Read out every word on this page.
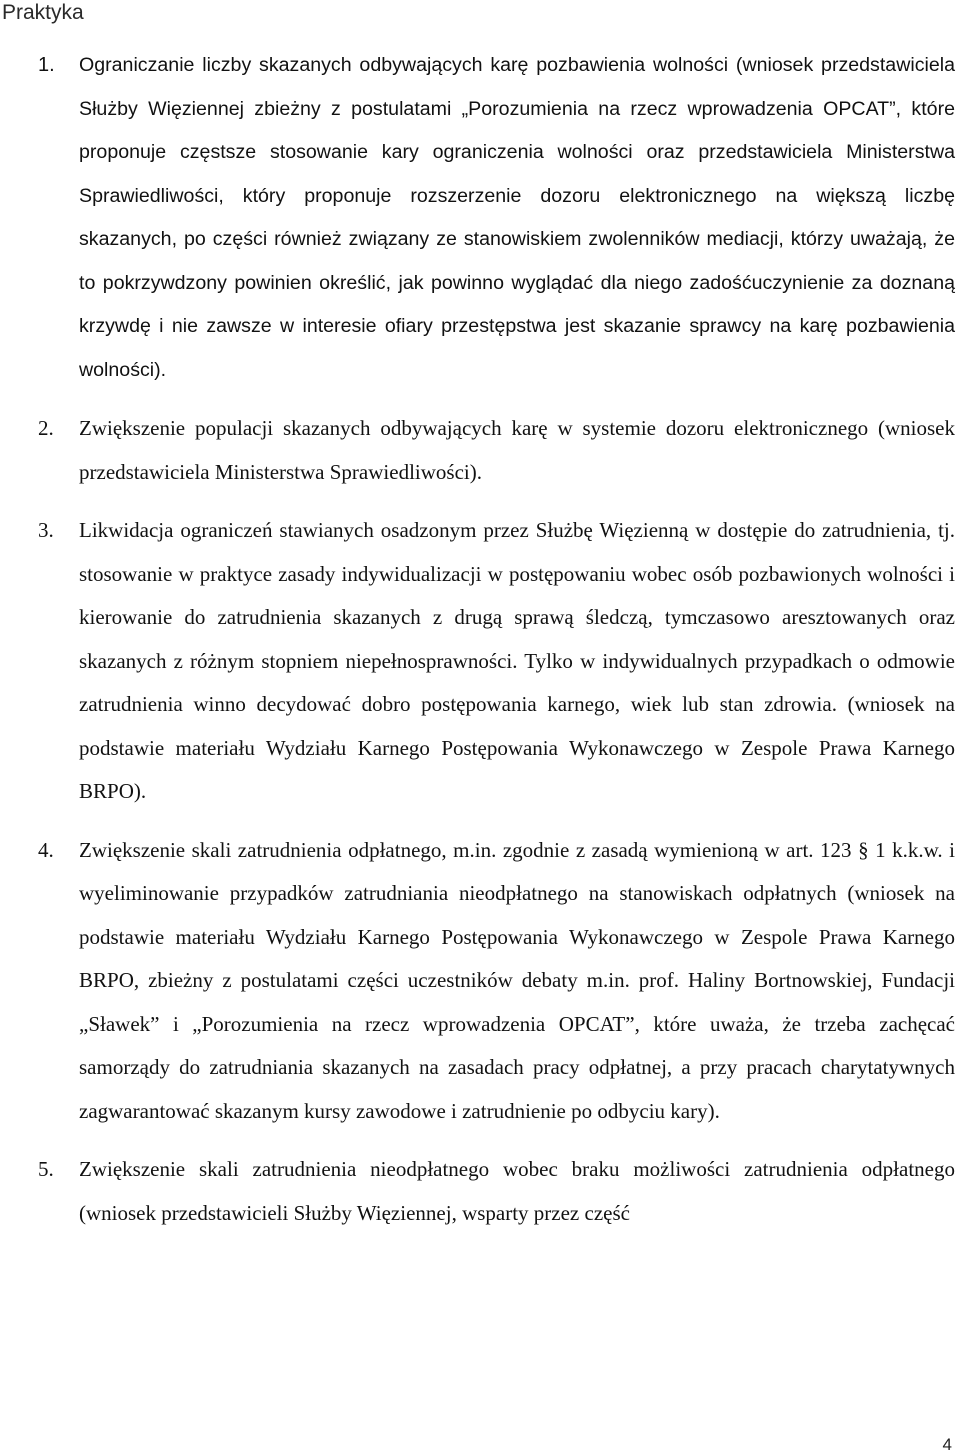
Praktyka
1. Ograniczanie liczby skazanych odbywających karę pozbawienia wolności (wniosek przedstawiciela Służby Więziennej zbieżny z postulatami „Porozumienia na rzecz wprowadzenia OPCAT”, które proponuje częstsze stosowanie kary ograniczenia wolności oraz przedstawiciela Ministerstwa Sprawiedliwości, który proponuje rozszerzenie dozoru elektronicznego na większą liczbę skazanych, po części również związany ze stanowiskiem zwolenników mediacji, którzy uważają, że to pokrzywdzony powinien określić, jak powinno wyglądać dla niego zadośćuczynienie za doznaną krzywdę i nie zawsze w interesie ofiary przestępstwa jest skazanie sprawcy na karę pozbawienia wolności).

2. Zwiększenie populacji skazanych odbywających karę w systemie dozoru elektronicznego (wniosek przedstawiciela Ministerstwa Sprawiedliwości).

3. Likwidacja ograniczeń stawianych osadzonym przez Służbę Więzienną w dostępie do zatrudnienia, tj. stosowanie w praktyce zasady indywidualizacji w postępowaniu wobec osób pozbawionych wolności i kierowanie do zatrudnienia skazanych z drugą sprawą śledczą, tymczasowo aresztowanych oraz skazanych z różnym stopniem niepełnosprawności. Tylko w indywidualnych przypadkach o odmowie zatrudnienia winno decydować dobro postępowania karnego, wiek lub stan zdrowia. (wniosek na podstawie materiału Wydziału Karnego Postępowania Wykonawczego w Zespole Prawa Karnego BRPO).

4. Zwiększenie skali zatrudnienia odpłatnego, m.in. zgodnie z zasadą wymienioną w art. 123 § 1 k.k.w. i wyeliminowanie przypadków zatrudniania nieodpłatnego na stanowiskach odpłatnych (wniosek na podstawie materiału Wydziału Karnego Postępowania Wykonawczego w Zespole Prawa Karnego BRPO, zbieżny z postulatami części uczestników debaty m.in. prof. Haliny Bortnowskiej, Fundacji „Sławek” i „Porozumienia na rzecz wprowadzenia OPCAT”, które uważa, że trzeba zachęcać samorządy do zatrudniania skazanych na zasadach pracy odpłatnej, a przy pracach charytatywnych zagwarantować skazanym kursy zawodowe i zatrudnienie po odbyciu kary).

5. Zwiększenie skali zatrudnienia nieodpłatnego wobec braku możliwości zatrudnienia odpłatnego (wniosek przedstawicieli Służby Więziennej, wsparty przez część

4
